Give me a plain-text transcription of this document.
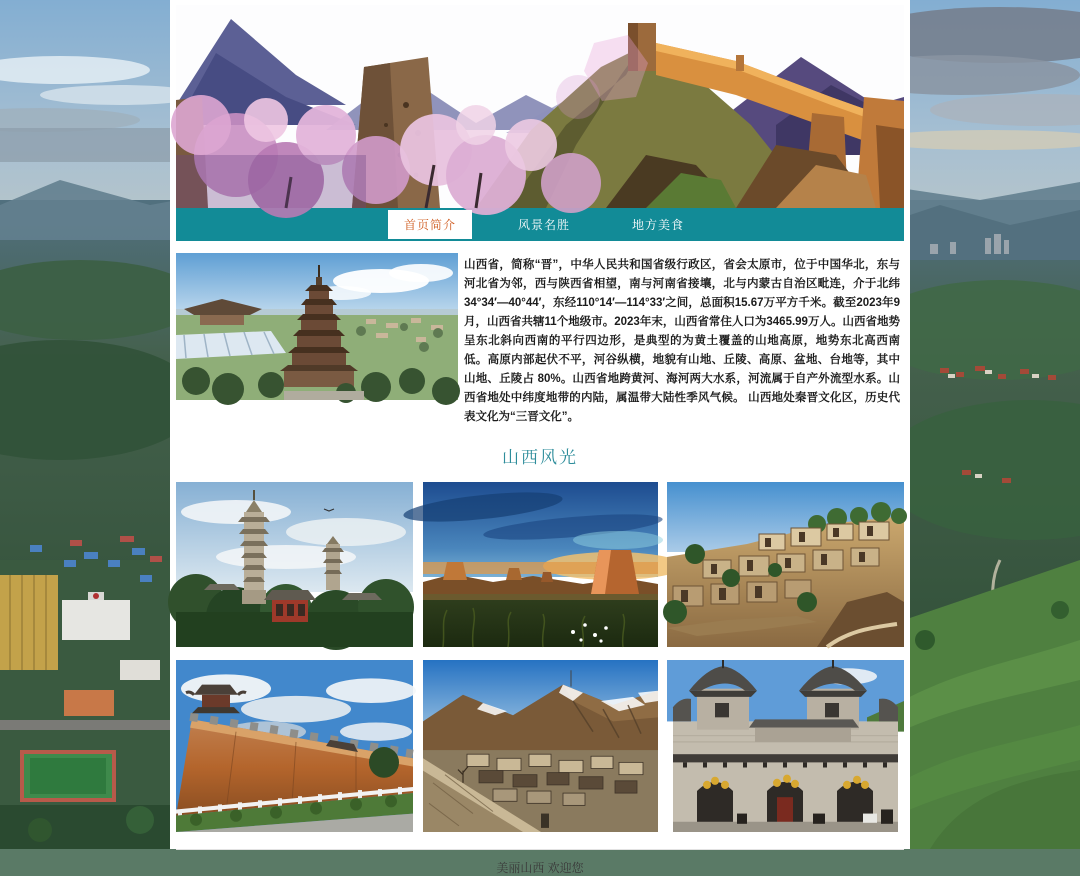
首页简介	风景名胜	地方美食

山西省，简称“晋”，中华人民共和国省级行政区，省会太原市，位于中国华北，东与河北省为邻，西与陕西省相望，南与河南省接壤，北与内蒙古自治区毗连，介于北纬34°34′—40°44′，东经110°14′—114°33′之间，总面积15.67万平方千米。截至2023年9月，山西省共辖11个地级市。2023年末，山西省常住人口为3465.99万人。山西省地势呈东北斜向西南的平行四边形，是典型的为黄土覆盖的山地高原，地势东北高西南低。高原内部起伏不平，河谷纵横，地貌有山地、丘陵、高原、盆地、台地等，其中山地、丘陵占 80%。山西省地跨黄河、海河两大水系，河流属于自产外流型水系。山西省地处中纬度地带的内陆，属温带大陆性季风气候。 山西地处秦晋文化区，历史代表文化为“三晋文化”。

山西风光
美丽山西 欢迎您
